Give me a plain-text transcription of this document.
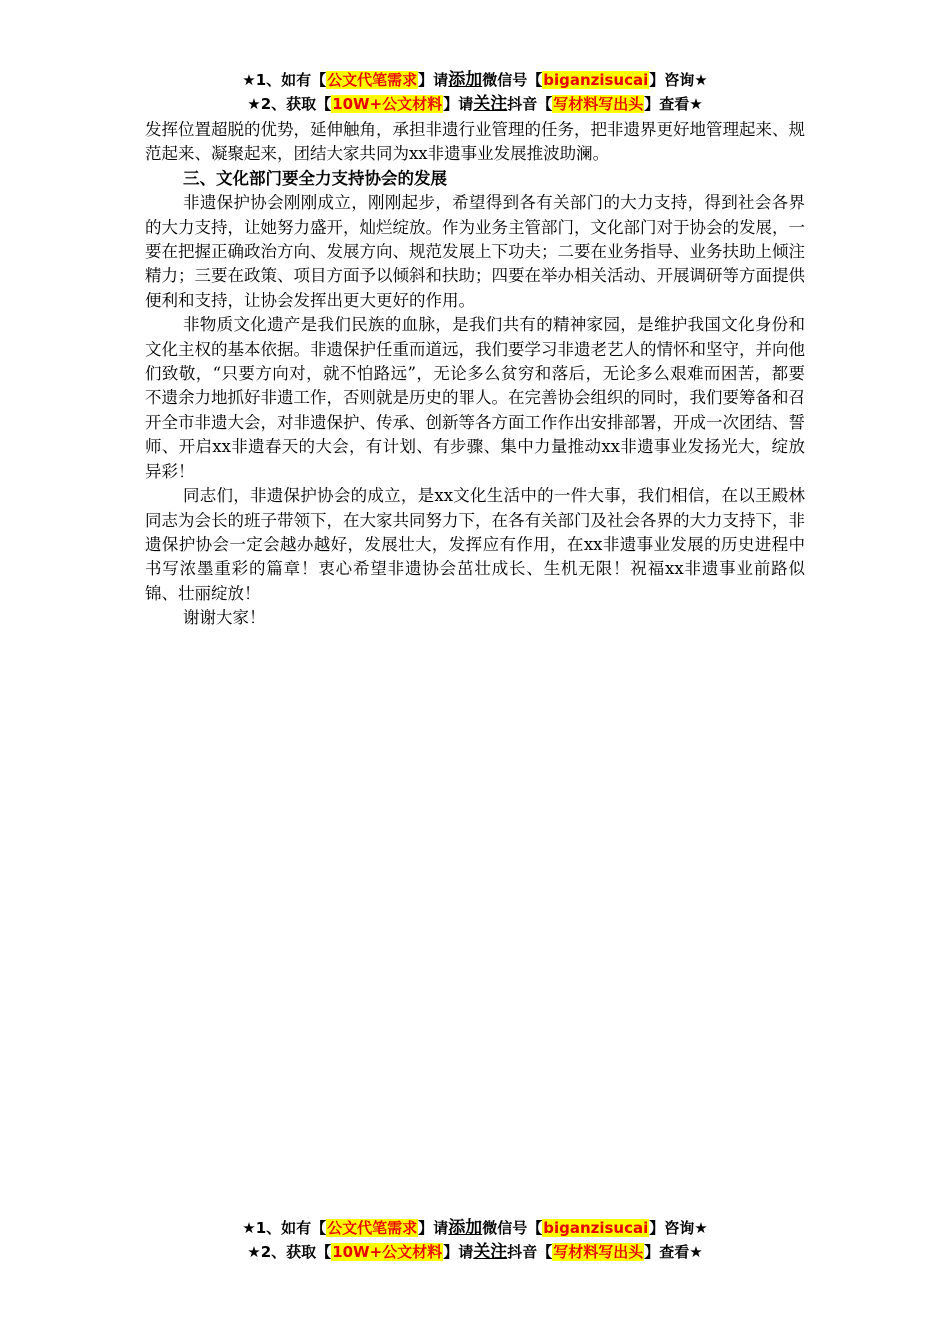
★1、如有【公文代笔需求】请添加微信号【biganzisucai】咨询★
★2、获取【10W+公文材料】请关注抖音【写材料写出头】查看★

发挥位置超脱的优势，延伸触角，承担非遗行业管理的任务，把非遗界更好地管理起来、规范起来、凝聚起来，团结大家共同为xx非遗事业发展推波助澜。

三、文化部门要全力支持协会的发展

非遗保护协会刚刚成立，刚刚起步，希望得到各有关部门的大力支持，得到社会各界的大力支持，让她努力盛开，灿烂绽放。作为业务主管部门，文化部门对于协会的发展，一要在把握正确政治方向、发展方向、规范发展上下功夫；二要在业务指导、业务扶助上倾注精力；三要在政策、项目方面予以倾斜和扶助；四要在举办相关活动、开展调研等方面提供便利和支持，让协会发挥出更大更好的作用。

非物质文化遗产是我们民族的血脉，是我们共有的精神家园，是维护我国文化身份和文化主权的基本依据。非遗保护任重而道远，我们要学习非遗老艺人的情怀和坚守，并向他们致敬，“只要方向对，就不怕路远”，无论多么贫穷和落后，无论多么艰难而困苦，都要不遗余力地抓好非遗工作，否则就是历史的罪人。在完善协会组织的同时，我们要筹备和召开全市非遗大会，对非遗保护、传承、创新等各方面工作作出安排部署，开成一次团结、誓师、开启xx非遗春天的大会，有计划、有步骤、集中力量推动xx非遗事业发扬光大，绽放异彩！

同志们，非遗保护协会的成立，是xx文化生活中的一件大事，我们相信，在以王殿林同志为会长的班子带领下，在大家共同努力下，在各有关部门及社会各界的大力支持下，非遗保护协会一定会越办越好，发展壮大，发挥应有作用，在xx非遗事业发展的历史进程中书写浓墨重彩的篇章！衷心希望非遗协会茁壮成长、生机无限！祝福xx非遗事业前路似锦、壮丽绽放！

谢谢大家！

★1、如有【公文代笔需求】请添加微信号【biganzisucai】咨询★
★2、获取【10W+公文材料】请关注抖音【写材料写出头】查看★
